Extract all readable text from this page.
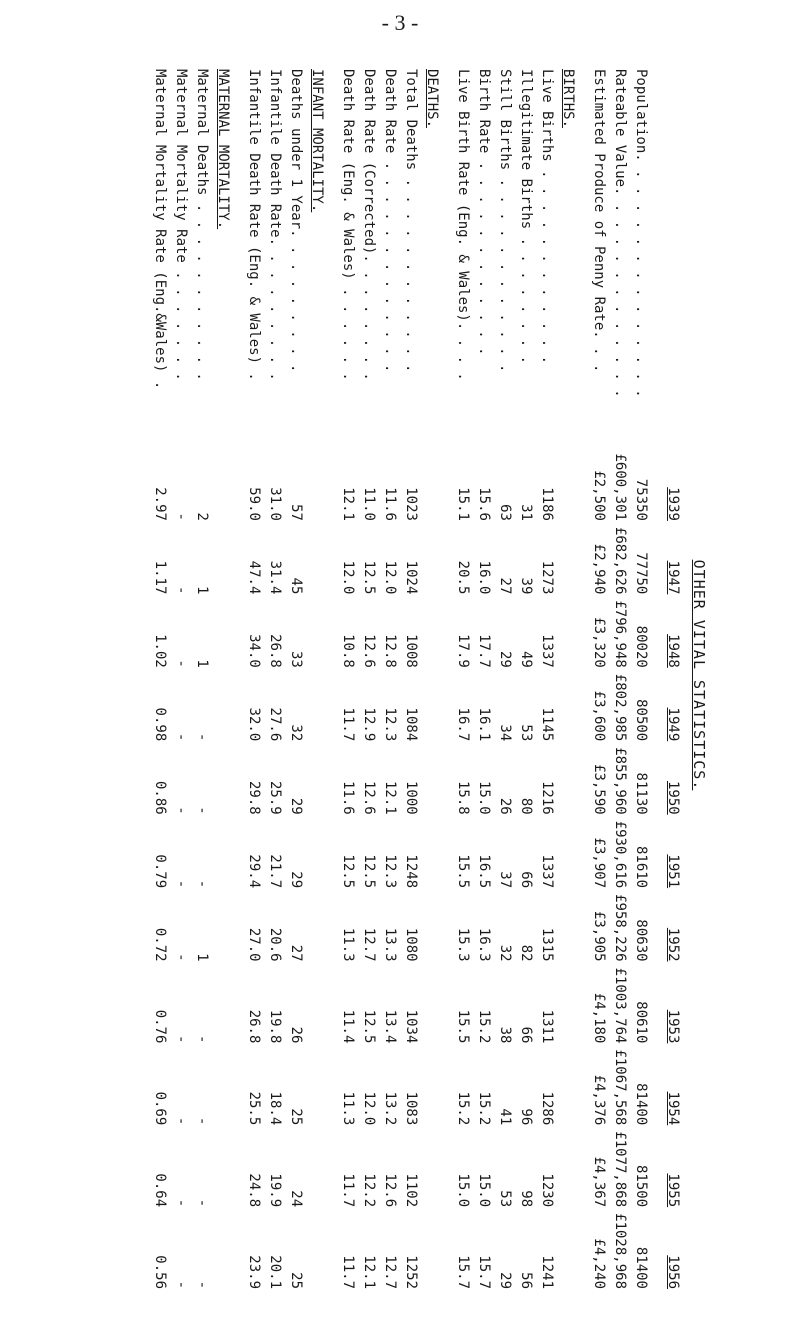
- 3 -
OTHER VITAL STATISTICS.
	1939	1947	1948	1949	1950	1951	1952	1953	1954	1955	1956
Population. . . . . . . . . . . . . . .	75350	77750	80020	80500	81130	81610	80630	80610	81400	81500	81400
Rateable Value. . . . . . . . . . . . .	£600,301	£682,626	£796,948	£802,985	£855,960	£930,616	£958,226	£1003,764	£1067,568	£1077,868	£1028,968
Estimated Produce of Penny Rate. . .	£2,500	£2,940	£3,320	£3,600	£3,590	£3,907	£3,905	£4,180	£4,376	£4,367	£4,240

BIRTHS.											
Live Births . . . . . . . . . . . .	1186	1273	1337	1145	1216	1337	1315	1311	1286	1230	1241
Illegitimate Births . . . . . . . .	31	39	49	53	80	66	82	66	96	98	56
Still Births . . . . . . . . . . . .	63	27	29	34	26	37	32	38	41	53	29
Birth Rate . . . . . . . . . . . .	15.6	16.0	17.7	16.1	15.0	16.5	16.3	15.2	15.2	15.0	15.7
Live Birth Rate (Eng. & Wales). . . .	15.1	20.5	17.9	16.7	15.8	15.5	15.3	15.5	15.2	15.0	15.7

DEATHS.											
Total Deaths . . . . . . . . . . . .	1023	1024	1008	1084	1000	1248	1080	1034	1083	1102	1252
Death Rate . . . . . . . . . . . . .	11.6	12.0	12.8	12.3	12.1	12.3	13.3	13.4	13.2	12.6	12.7
Death Rate (Corrected). . . . . . . .	11.0	12.5	12.6	12.9	12.6	12.5	12.7	12.5	12.0	12.2	12.1
Death Rate (Eng. & Wales) . . . . . .	12.1	12.0	10.8	11.7	11.6	12.5	11.3	11.4	11.3	11.7	11.7

INFANT MORTALITY.											
Deaths under 1 Year. . . . . . . . .	57	45	33	32	29	29	27	26	25	24	25
Infantile Death Rate. . . . . . . . .	31.0	31.4	26.8	27.6	25.9	21.7	20.6	19.8	18.4	19.9	20.1
Infantile Death Rate (Eng. & Wales) .	59.0	47.4	34.0	32.0	29.8	29.4	27.0	26.8	25.5	24.8	23.9

MATERNAL MORTALITY.											
Maternal Deaths . . . . . . . . . . .	2	1	1	-	-	-	1	-	-	-	-
Maternal Mortality Rate . . . . . . .	-	-	-	-	-	-	-	-	-	-	-
Maternal Mortality Rate (Eng.&Wales) .	2.97	1.17	1.02	0.98	0.86	0.79	0.72	0.76	0.69	0.64	0.56
